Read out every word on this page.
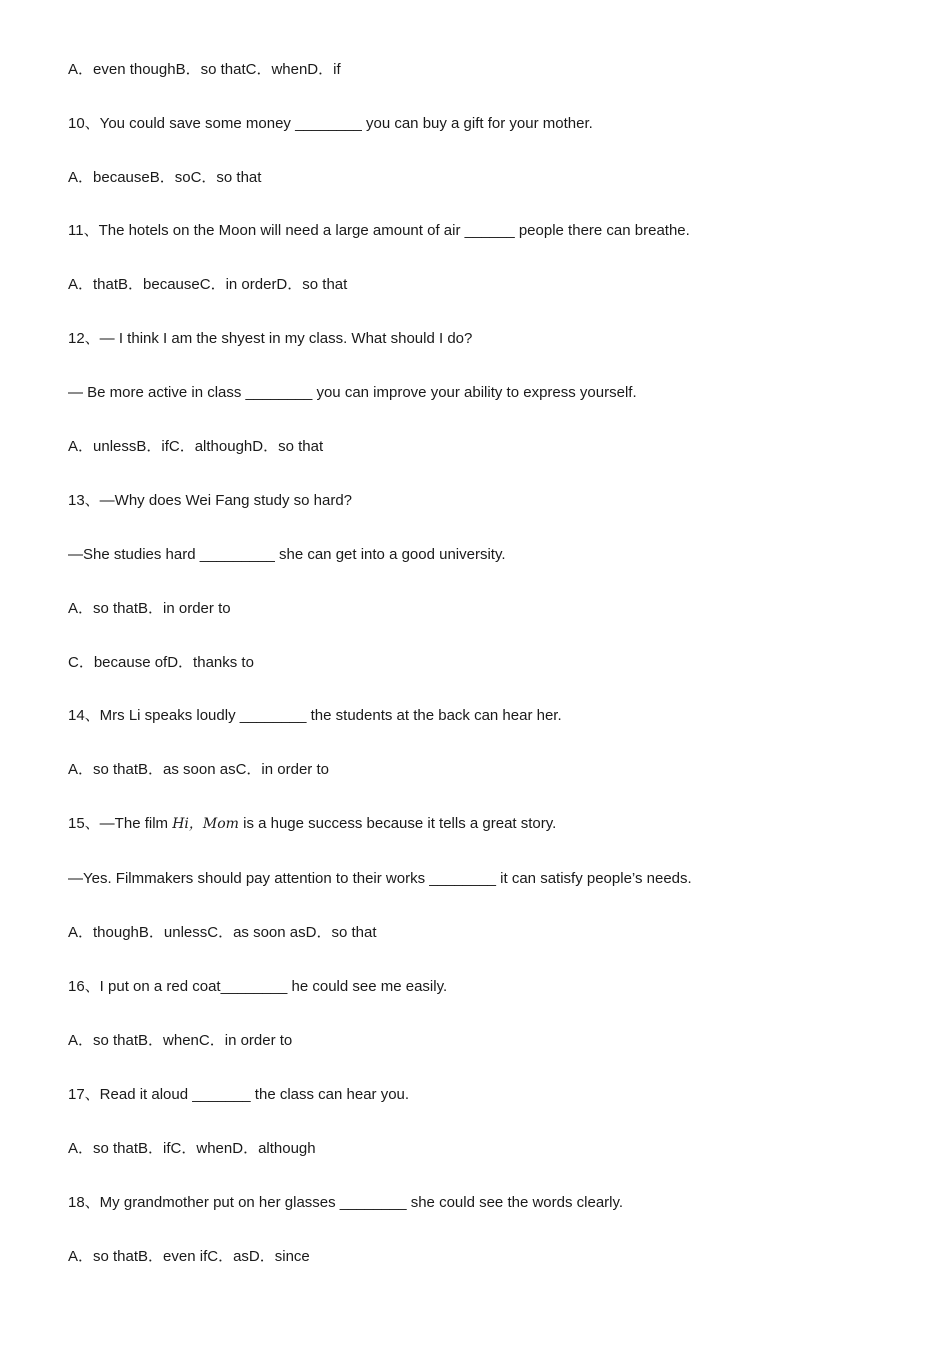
A．even thoughB．so thatC．whenD．if

10、You could save some money ________ you can buy a gift for your mother.

A．becauseB．soC．so that

11、The hotels on the Moon will need a large amount of air ______ people there can breathe.

A．thatB．becauseC．in orderD．so that

12、— I think I am the shyest in my class. What should I do?

— Be more active in class ________ you can improve your ability to express yourself.

A．unlessB．ifC．althoughD．so that

13、—Why does Wei Fang study so hard?

—She studies hard _________ she can get into a good university.

A．so thatB．in order to

C．because ofD．thanks to

14、Mrs Li speaks loudly ________ the students at the back can hear her.

A．so thatB．as soon asC．in order to

15、—The film Hi，Mom is a huge success because it tells a great story.

—Yes. Filmmakers should pay attention to their works ________ it can satisfy people’s needs.

A．thoughB．unlessC．as soon asD．so that

16、I put on a red coat________ he could see me easily.

A．so thatB．whenC．in order to

17、Read it aloud _______ the class can hear you.

A．so thatB．ifC．whenD．although

18、My grandmother put on her glasses ________ she could see the words clearly.

A．so thatB．even ifC．asD．since
